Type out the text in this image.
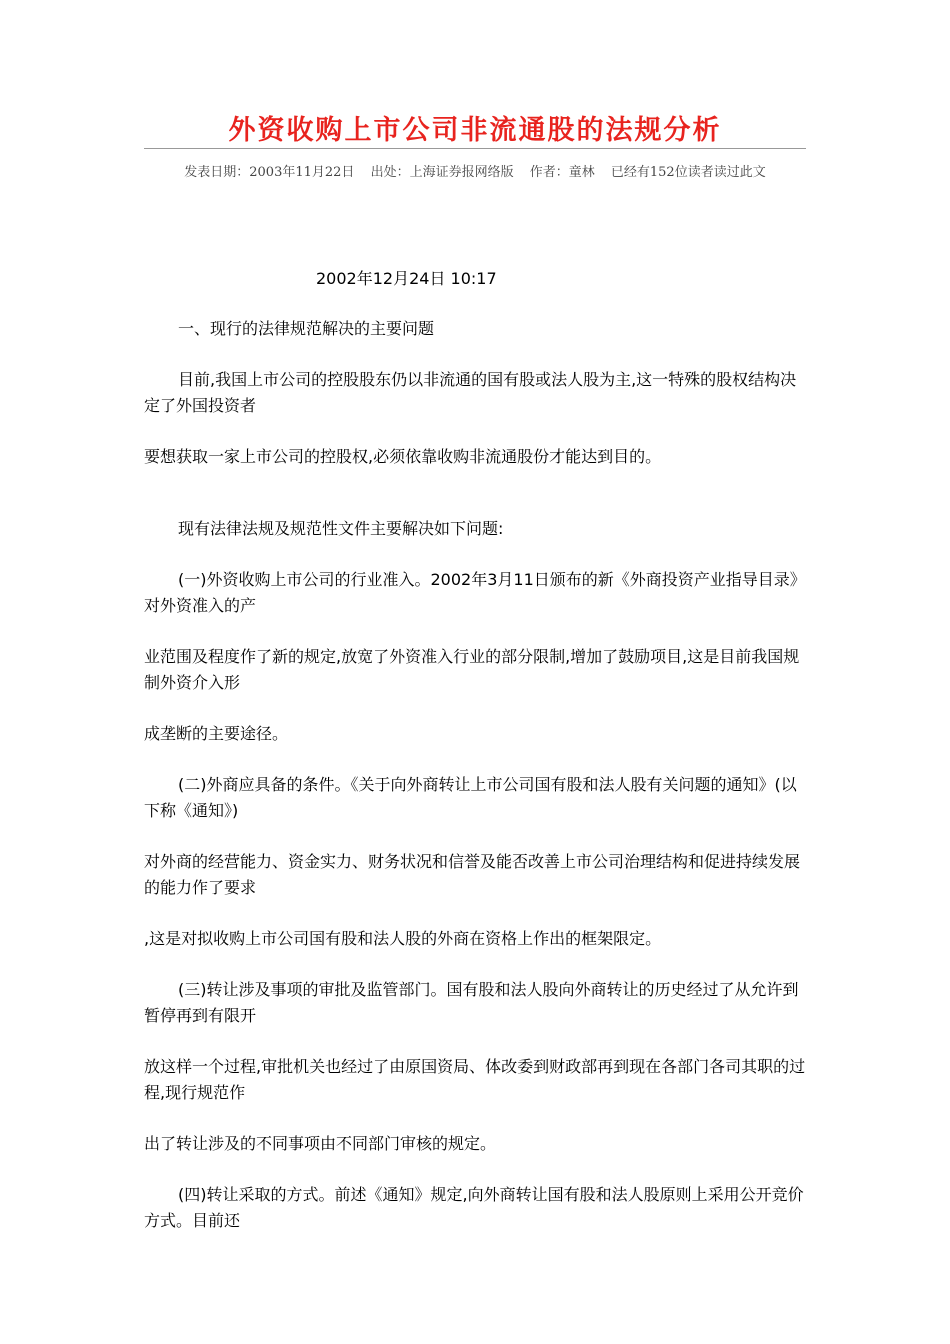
外资收购上市公司非流通股的法规分析
发表日期：2003年11月22日 出处：上海证券报网络版 作者：童林 已经有152位读者读过此文

2002年12月24日 10:17

一、现行的法律规范解决的主要问题

目前,我国上市公司的控股股东仍以非流通的国有股或法人股为主,这一特殊的股权结构决定了外国投资者

要想获取一家上市公司的控股权,必须依靠收购非流通股份才能达到目的。

现有法律法规及规范性文件主要解决如下问题:

(一)外资收购上市公司的行业准入。2002年3月11日颁布的新《外商投资产业指导目录》对外资准入的产

业范围及程度作了新的规定,放宽了外资准入行业的部分限制,增加了鼓励项目,这是目前我国规制外资介入形

成垄断的主要途径。

(二)外商应具备的条件。《关于向外商转让上市公司国有股和法人股有关问题的通知》(以下称《通知》)

对外商的经营能力、资金实力、财务状况和信誉及能否改善上市公司治理结构和促进持续发展的能力作了要求

,这是对拟收购上市公司国有股和法人股的外商在资格上作出的框架限定。

(三)转让涉及事项的审批及监管部门。国有股和法人股向外商转让的历史经过了从允许到暂停再到有限开

放这样一个过程,审批机关也经过了由原国资局、体改委到财政部再到现在各部门各司其职的过程,现行规范作

出了转让涉及的不同事项由不同部门审核的规定。

(四)转让采取的方式。前述《通知》规定,向外商转让国有股和法人股原则上采用公开竞价方式。目前还
